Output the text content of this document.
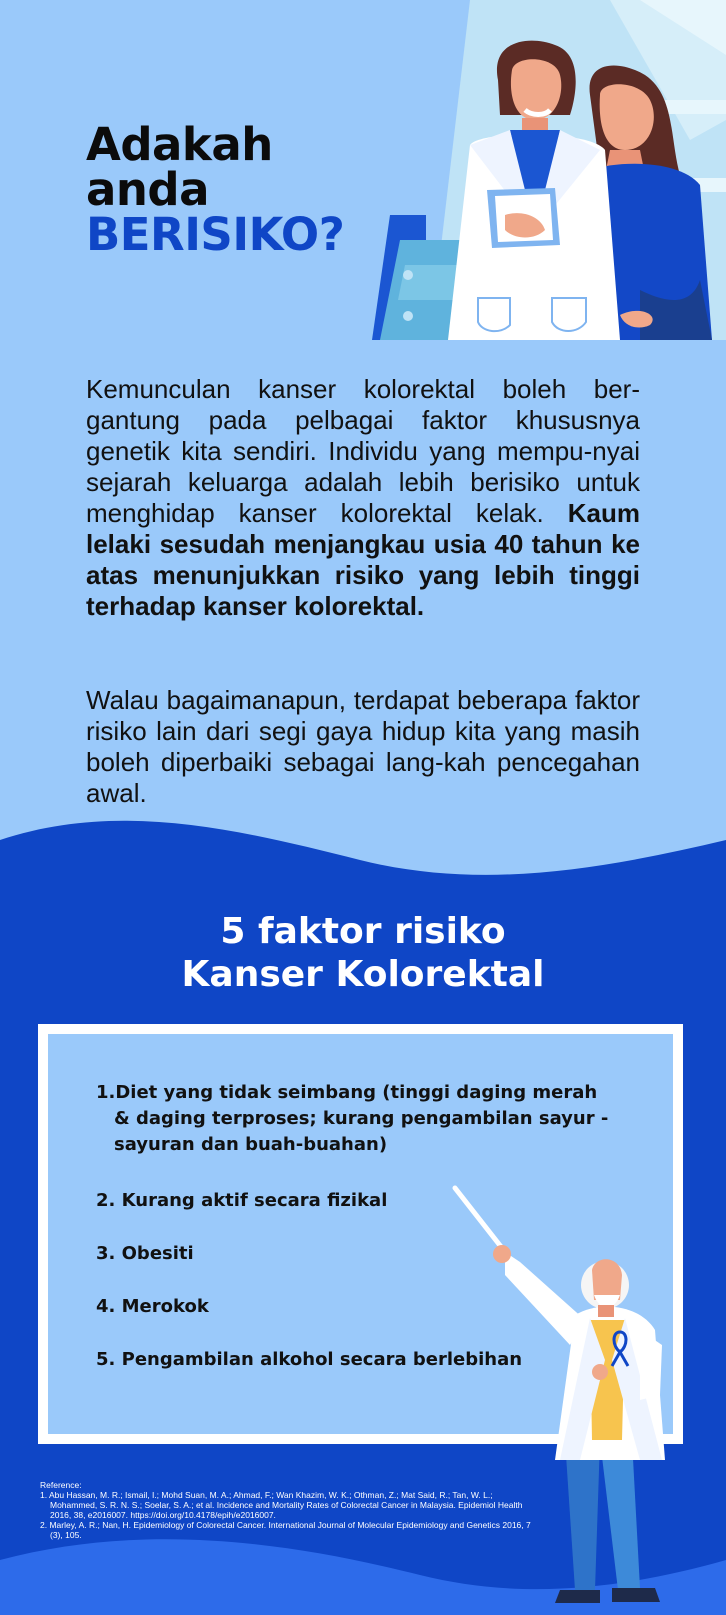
Adakah
anda
BERISIKO?

Kemunculan kanser kolorektal boleh ber-gantung pada pelbagai faktor khususnya genetik kita sendiri. Individu yang mempu-nyai sejarah keluarga adalah lebih berisiko untuk menghidap kanser kolorektal kelak. Kaum lelaki sesudah menjangkau usia 40 tahun ke atas menunjukkan risiko yang lebih tinggi terhadap kanser kolorektal.

Walau bagaimanapun, terdapat beberapa faktor risiko lain dari segi gaya hidup kita yang masih boleh diperbaiki sebagai lang-kah pencegahan awal.

5 faktor risiko
Kanser Kolorektal

1.Diet yang tidak seimbang (tinggi daging merah
& daging terproses; kurang pengambilan sayur - sayuran dan buah-buahan)

2. Kurang aktif secara fizikal

3. Obesiti

4. Merokok

5. Pengambilan alkohol secara berlebihan

Reference:
1. Abu Hassan, M. R.; Ismail, I.; Mohd Suan, M. A.; Ahmad, F.; Wan Khazim, W. K.; Othman, Z.; Mat Said, R.; Tan, W. L.; Mohammed, S. R. N. S.; Soelar, S. A.; et al. Incidence and Mortality Rates of Colorectal Cancer in Malaysia. Epidemiol Health 2016, 38, e2016007. https://doi.org/10.4178/epih/e2016007.
2. Marley, A. R.; Nan, H. Epidemiology of Colorectal Cancer. International Journal of Molecular Epidemiology and Genetics 2016, 7 (3), 105.
